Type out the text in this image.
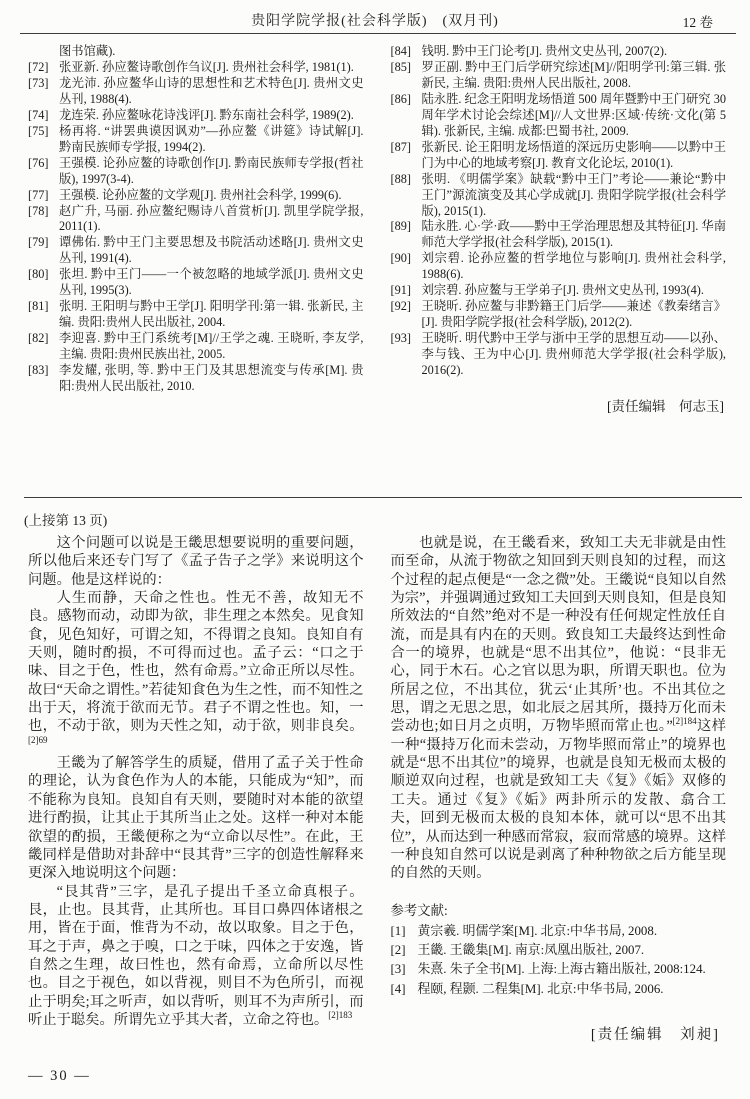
贵阳学院学报(社会科学版)　(双月刊)	12 卷
图书馆藏).
[72] 张亚新. 孙应鳌诗歌创作刍议[J]. 贵州社会科学, 1981(1).
[73] 龙光沛. 孙应鳌华山诗的思想性和艺术特色[J]. 贵州文史丛刊, 1988(4).
[74] 龙连荣. 孙应鳌咏花诗浅评[J]. 黔东南社会科学, 1989(2).
[75] 杨再将. “讲罢典谟因讽劝”—孙应鳌《讲筵》诗试解[J]. 黔南民族师专学报, 1994(2).
[76] 王强模. 论孙应鳌的诗歌创作[J]. 黔南民族师专学报(哲社版), 1997(3-4).
[77] 王强模. 论孙应鳌的文学观[J]. 贵州社会科学, 1999(6).
[78] 赵广升, 马丽. 孙应鳌纪赐诗八首赏析[J]. 凯里学院学报, 2011(1).
[79] 谭佛佑. 黔中王门主要思想及书院活动述略[J]. 贵州文史丛刊, 1991(4).
[80] 张坦. 黔中王门——一个被忽略的地域学派[J]. 贵州文史丛刊, 1995(3).
[81] 张明. 王阳明与黔中王学[J]. 阳明学刊:第一辑. 张新民, 主编. 贵阳:贵州人民出版社, 2004.
[82] 李迎喜. 黔中王门系统考[M]//王学之魂. 王晓昕, 李友学, 主编. 贵阳:贵州民族出社, 2005.
[83] 李发耀, 张明, 等. 黔中王门及其思想流变与传承[M]. 贵阳:贵州人民出版社, 2010.
[84] 钱明. 黔中王门论考[J]. 贵州文史丛刊, 2007(2).
[85] 罗正副. 黔中王门后学研究综述[M]//阳明学刊:第三辑. 张新民, 主编. 贵阳:贵州人民出版社, 2008.
[86] 陆永胜. 纪念王阳明龙场悟道 500 周年暨黔中王门研究 30 周年学术讨论会综述[M]//人文世界:区域·传统·文化(第 5 辑). 张新民, 主编. 成都:巴蜀书社, 2009.
[87] 张新民. 论王阳明龙场悟道的深远历史影响——以黔中王门为中心的地域考察[J]. 教育文化论坛, 2010(1).
[88] 张明. 《明儒学案》缺载“黔中王门”考论——兼论“黔中王门”源流演变及其心学成就[J]. 贵阳学院学报(社会科学版), 2015(1).
[89] 陆永胜. 心·学·政——黔中王学治理思想及其特征[J]. 华南师范大学学报(社会科学版), 2015(1).
[90] 刘宗碧. 论孙应鳌的哲学地位与影响[J]. 贵州社会科学, 1988(6).
[91] 刘宗碧. 孙应鳌与王学弟子[J]. 贵州文史丛刊, 1993(4).
[92] 王晓昕. 孙应鳌与非黔籍王门后学——兼述《教秦绪言》[J]. 贵阳学院学报(社会科学版), 2012(2).
[93] 王晓昕. 明代黔中王学与浙中王学的思想互动——以孙、李与钱、王为中心[J]. 贵州师范大学学报(社会科学版), 2016(2).
[责任编辑　何志玉]
(上接第 13 页)

这个问题可以说是王畿思想要说明的重要问题，所以他后来还专门写了《孟子告子之学》来说明这个问题。他是这样说的：

人生而静，天命之性也。性无不善，故知无不良。感物而动，动即为欲，非生理之本然矣。见食知食，见色知好，可谓之知，不得谓之良知。良知自有天则，随时酌损，不可得而过也。孟子云：“口之于味、目之于色，性也，然有命焉。”立命正所以尽性。故曰“天命之谓性。”若徒知食色为生之性，而不知性之出于天，将流于欲而无节。君子不谓之性也。知，一也，不动于欲，则为天性之知，动于欲，则非良矣。$^{[2]69}$

王畿为了解答学生的质疑，借用了孟子关于性命的理论，认为食色作为人的本能，只能成为“知”，而不能称为良知。良知自有天则，要随时对本能的欲望进行酌损，让其止于其所当止之处。这样一种对本能欲望的酌损，王畿便称之为“立命以尽性”。在此，王畿同样是借助对卦辞中“艮其背”三字的创造性解释来更深入地说明这个问题：

“艮其背”三字，是孔子提出千圣立命真根子。艮，止也。艮其背，止其所也。耳目口鼻四体诸根之用，皆在于面，惟背为不动，故以取象。目之于色，耳之于声，鼻之于嗅，口之于味，四体之于安逸，皆自然之生理，故曰性也，然有命焉，立命所以尽性也。目之于视色，如以背视，则目不为色所引，而视止于明矣;耳之听声，如以背听，则耳不为声所引，而听止于聪矣。所谓先立乎其大者，立命之符也。$^{[2]183}$

也就是说，在王畿看来，致知工夫无非就是由性而至命，从流于物欲之知回到天则良知的过程，而这个过程的起点便是“一念之微”处。王畿说“良知以自然为宗”，并强调通过致知工夫回到天则良知，但是良知所效法的“自然”绝对不是一种没有任何规定性放任自流，而是具有内在的天则。致良知工夫最终达到性命合一的境界，也就是“思不出其位”，他说：“艮非无心，同于木石。心之官以思为职，所谓天职也。位为所居之位，不出其位，犹云‘止其所’也。不出其位之思，谓之无思之思，如北辰之居其所，摄持万化而未尝动也;如日月之贞明，万物毕照而常止也。”$^{[2]184}$这样一种“摄持万化而未尝动，万物毕照而常止”的境界也就是“思不出其位”的境界，也就是良知无极而太极的顺逆双向过程，也就是致知工夫《复》《姤》双修的工夫。通过《复》《姤》两卦所示的发散、翕合工夫，回到无极而太极的良知本体，就可以“思不出其位”，从而达到一种感而常寂，寂而常感的境界。这样一种良知自然可以说是剥离了种种物欲之后方能呈现的自然的天则。

参考文献:
[1] 黄宗羲. 明儒学案[M]. 北京:中华书局, 2008.
[2] 王畿. 王畿集[M]. 南京:凤凰出版社, 2007.
[3] 朱熹. 朱子全书[M]. 上海:上海古籍出版社, 2008:124.
[4] 程颐, 程颢. 二程集[M]. 北京:中华书局, 2006.
[责任编辑　刘昶]
— 30 —
